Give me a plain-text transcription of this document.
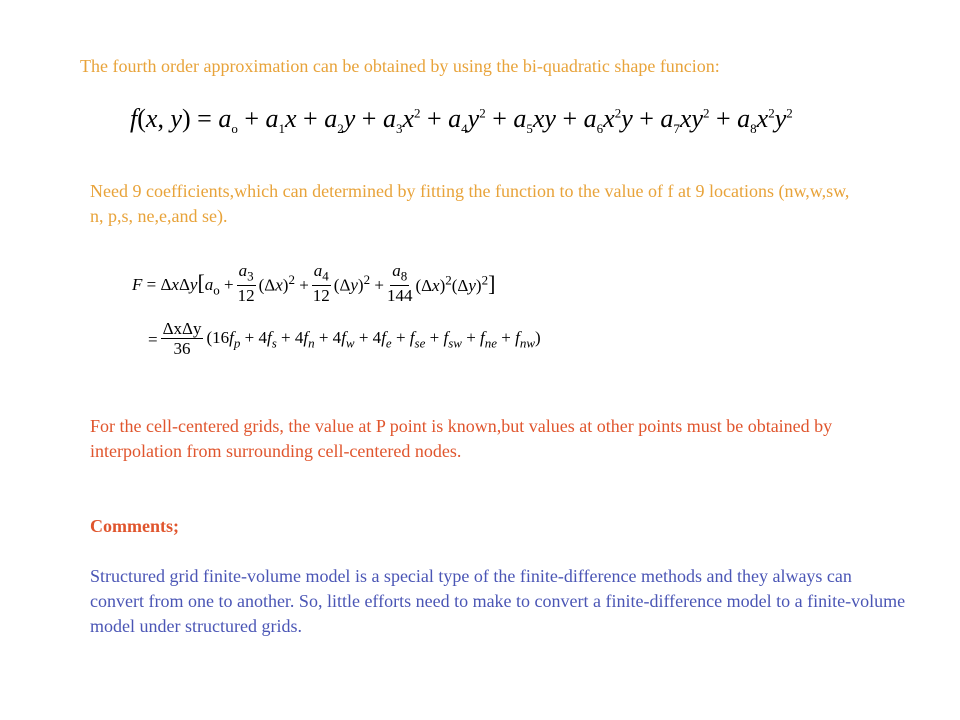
The fourth order approximation can be obtained by using the bi-quadratic shape funcion:
f(x, $y) = a_o + a_1x + a_2y + a_3x^2 + a_4y^2 + a_5xy + a_6x^2y + a_7xy^2 + a_8x^2y^2$
Need 9 coefficients,which can determined by fitting the function to the value of f at 9 locations (nw,w,sw, n, p,s, ne,e,and se).
$F = \Delta x\Delta y[a_o + \frac{a_3}{12} (\Delta x)^2 + \frac{a_4}{12} (\Delta y)^2 + \frac{a_8}{144} (\Delta x)^2(\Delta y)^2]$
= $\frac{\text{ΔxΔy}}{36} (16f_p + 4f_s + 4f_n + 4f_w + 4f_e + f_{se} + f_{sw} + f_{ne} + f_{nw})$
For the cell-centered grids, the value at P point is known,but values at other points must be obtained by interpolation from surrounding cell-centered nodes.
Comments;
Structured grid finite-volume model is a special type of the finite-difference methods and they always can convert from one to another. So, little efforts need to make to convert a finite-difference model to a finite-volume model under structured grids.
